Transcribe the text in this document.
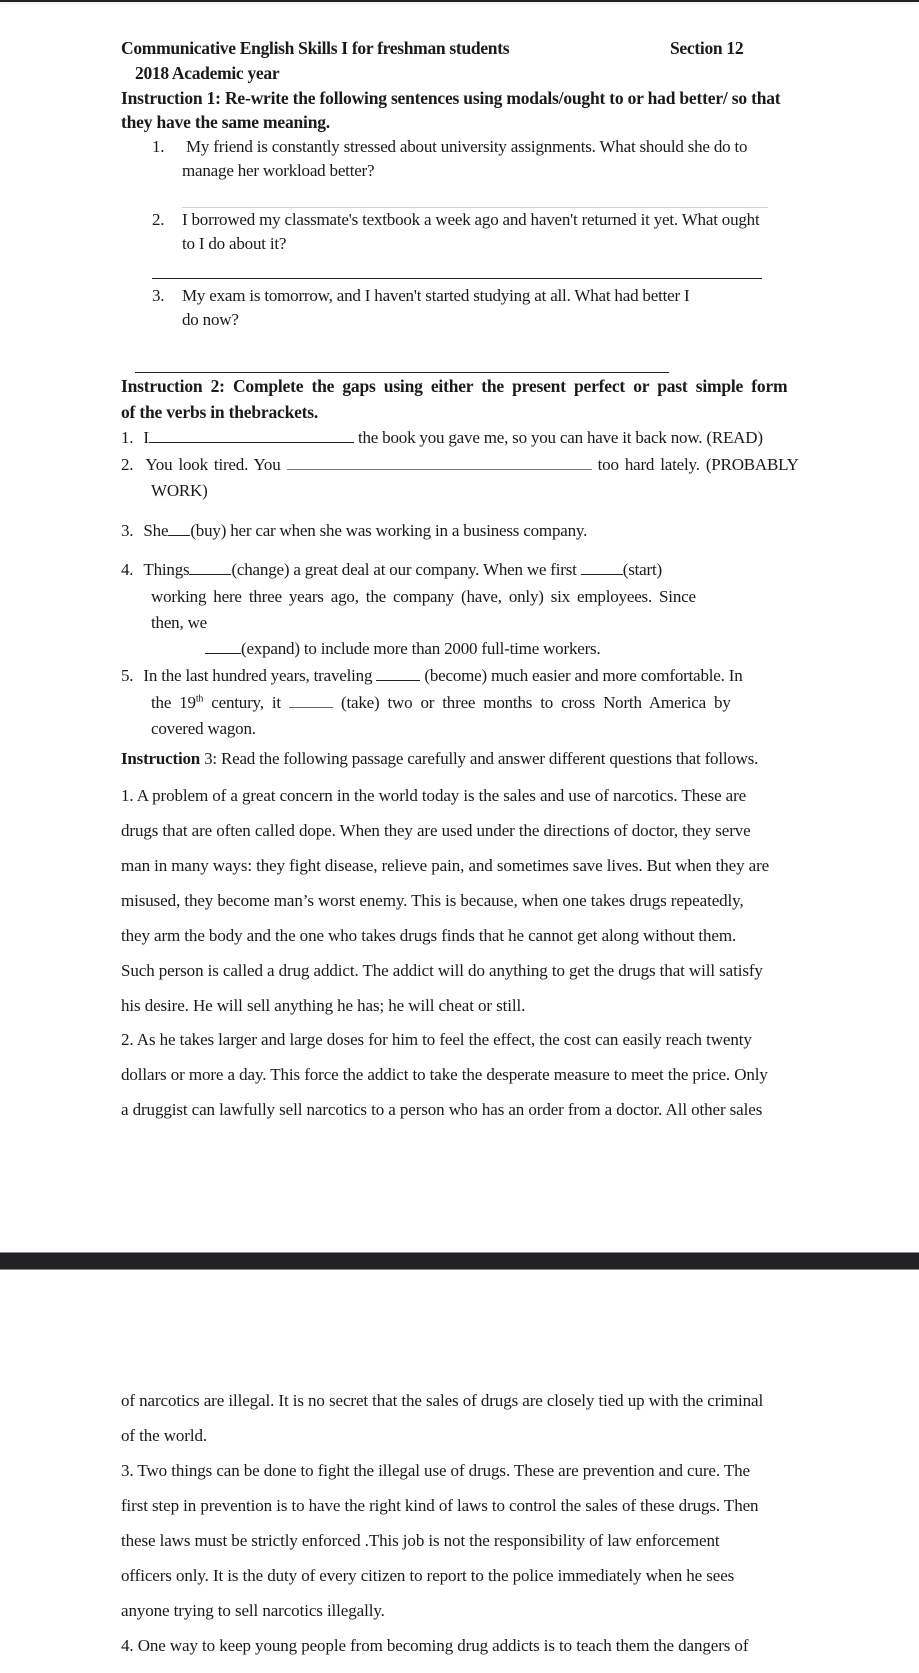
Communicative English Skills I for freshman students	Section 12
2018 Academic year
Instruction 1: Re-write the following sentences using modals/ought to or had better/ so that
they have the same meaning.
1. My friend is constantly stressed about university assignments. What should she do to
manage her workload better?
2. I borrowed my classmate's textbook a week ago and haven't returned it yet. What ought
to I do about it?
3. My exam is tomorrow, and I haven't started studying at all. What had better I
do now?
Instruction 2: Complete the gaps using either the present perfect or past simple form
of the verbs in thebrackets.
1. I	the book you gave me, so you can have it back now. (READ)
2. You look tired. You	too hard lately. (PROBABLY
WORK)
3. She (buy) her car when she was working in a business company.
4. Things (change) a great deal at our company. When we first	(start)
working here three years ago, the company (have, only) six employees. Since
then, we
(expand) to include more than 2000 full-time workers.
5. In the last hundred years, traveling	(become) much easier and more comfortable. In
the 19th century, it	(take) two or three months to cross North America by
covered wagon.
Instruction 3: Read the following passage carefully and answer different questions that follows.
1. A problem of a great concern in the world today is the sales and use of narcotics. These are
drugs that are often called dope. When they are used under the directions of doctor, they serve
man in many ways: they fight disease, relieve pain, and sometimes save lives. But when they are
misused, they become man’s worst enemy. This is because, when one takes drugs repeatedly,
they arm the body and the one who takes drugs finds that he cannot get along without them.
Such person is called a drug addict. The addict will do anything to get the drugs that will satisfy
his desire. He will sell anything he has; he will cheat or still.
2. As he takes larger and large doses for him to feel the effect, the cost can easily reach twenty
dollars or more a day. This force the addict to take the desperate measure to meet the price. Only
a druggist can lawfully sell narcotics to a person who has an order from a doctor. All other sales
of narcotics are illegal. It is no secret that the sales of drugs are closely tied up with the criminal
of the world.
3. Two things can be done to fight the illegal use of drugs. These are prevention and cure. The
first step in prevention is to have the right kind of laws to control the sales of these drugs. Then
these laws must be strictly enforced .This job is not the responsibility of law enforcement
officers only. It is the duty of every citizen to report to the police immediately when he sees
anyone trying to sell narcotics illegally.
4. One way to keep young people from becoming drug addicts is to teach them the dangers of
